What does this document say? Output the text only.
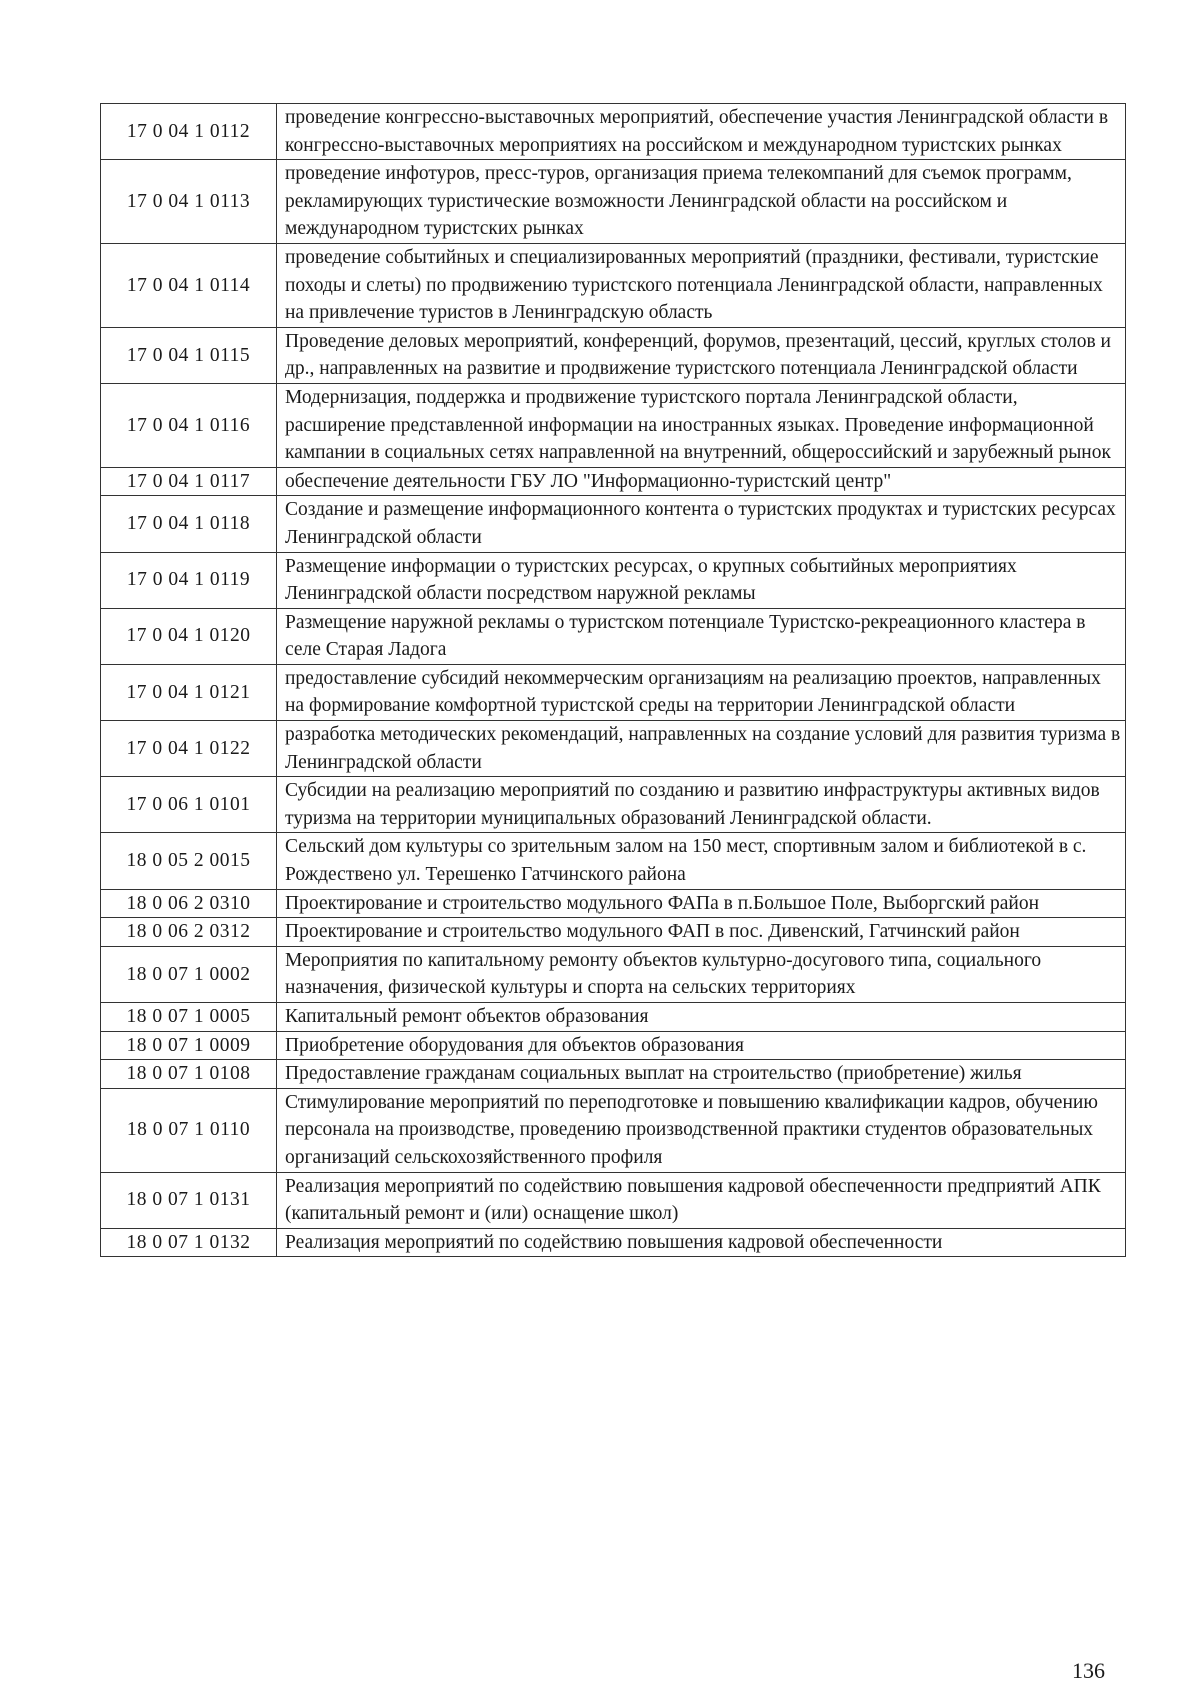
17 0 04 1 0112	проведение конгрессно-выставочных мероприятий, обеспечение участия Ленинградской области в конгрессно-выставочных мероприятиях на российском и международном туристских рынках
17 0 04 1 0113	проведение инфотуров, пресс-туров, организация приема телекомпаний для съемок программ, рекламирующих туристические возможности Ленинградской области на российском и международном туристских рынках
17 0 04 1 0114	проведение событийных и специализированных мероприятий (праздники, фестивали, туристские походы и слеты) по продвижению туристского потенциала Ленинградской области, направленных на привлечение туристов в Ленинградскую область
17 0 04 1 0115	Проведение деловых мероприятий, конференций, форумов, презентаций, цессий, круглых столов и др., направленных на развитие и продвижение туристского потенциала Ленинградской области
17 0 04 1 0116	Модернизация, поддержка и продвижение туристского портала Ленинградской области, расширение представленной информации на иностранных языках. Проведение информационной кампании в социальных сетях направленной на внутренний, общероссийский и зарубежный рынок
17 0 04 1 0117	обеспечение деятельности ГБУ ЛО "Информационно-туристский центр"
17 0 04 1 0118	Создание и размещение информационного контента о туристских продуктах и туристских ресурсах Ленинградской области
17 0 04 1 0119	Размещение информации о туристских ресурсах, о крупных событийных мероприятиях Ленинградской области посредством наружной рекламы
17 0 04 1 0120	Размещение наружной рекламы о туристском потенциале Туристско-рекреационного кластера в селе Старая Ладога
17 0 04 1 0121	предоставление субсидий некоммерческим организациям на реализацию проектов, направленных на формирование комфортной туристской среды на территории Ленинградской области
17 0 04 1 0122	разработка методических рекомендаций, направленных на создание условий для развития туризма в Ленинградской области
17 0 06 1 0101	Субсидии на реализацию мероприятий по созданию и развитию инфраструктуры активных видов туризма на территории муниципальных образований Ленинградской области.
18 0 05 2 0015	Сельский дом культуры со зрительным залом на 150 мест, спортивным залом и библиотекой в с. Рождествено ул. Терешенко Гатчинского района
18 0 06 2 0310	Проектирование и строительство модульного ФАПа в п.Большое Поле, Выборгский район
18 0 06 2 0312	Проектирование и строительство модульного ФАП в пос. Дивенский, Гатчинский район
18 0 07 1 0002	Мероприятия по капитальному ремонту объектов культурно-досугового типа, социального назначения, физической культуры и спорта на сельских территориях
18 0 07 1 0005	Капитальный ремонт объектов образования
18 0 07 1 0009	Приобретение оборудования для объектов образования
18 0 07 1 0108	Предоставление гражданам социальных выплат на строительство (приобретение) жилья
18 0 07 1 0110	Стимулирование мероприятий по переподготовке и повышению квалификации кадров, обучению персонала на производстве, проведению производственной практики студентов образовательных организаций сельскохозяйственного профиля
18 0 07 1 0131	Реализация мероприятий по содействию повышения кадровой обеспеченности предприятий АПК (капитальный ремонт и (или) оснащение школ)
18 0 07 1 0132	Реализация мероприятий по содействию повышения кадровой обеспеченности
136
